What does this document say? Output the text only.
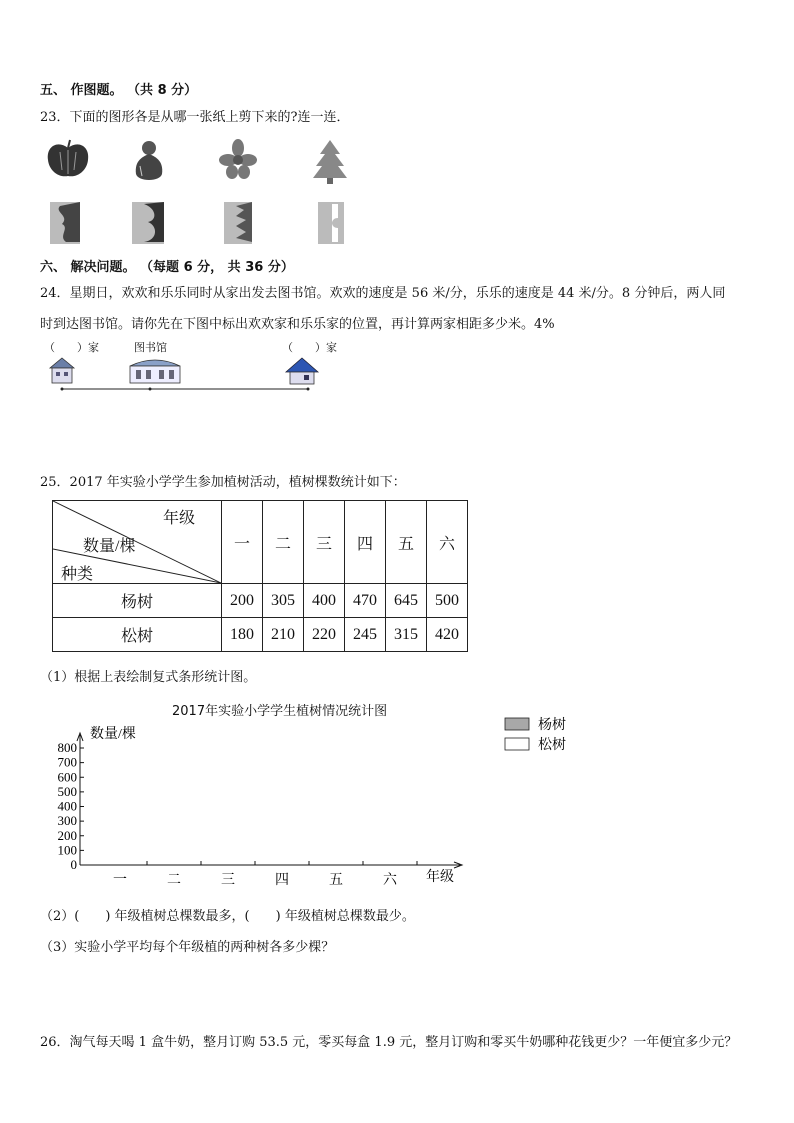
五、 作图题。 （共 8 分）
23．下面的图形各是从哪一张纸上剪下来的?连一连．
六、 解决问题。 （每题 6 分， 共 36 分）
24．星期日，欢欢和乐乐同时从家出发去图书馆。欢欢的速度是 56 米/分，乐乐的速度是 44 米/分。8 分钟后，两人同
时到达图书馆。请你先在下图中标出欢欢家和乐乐家的位置，再计算两家相距多少米。4%
（　　）家	图书馆	（　　）家
25．2017 年实验小学学生参加植树活动，植树棵数统计如下：
年级
数量/棵
种类	一	二	三	四	五	六
杨树	200	305	400	470	645	500
松树	180	210	220	245	315	420
（1）根据上表绘制复式条形统计图。
2017年实验小学学生植树情况统计图
数量/棵
0
100
200
300
400
500
600
700
800
一	二	三	四	五	六 年级
杨树
松树
（2）(　　) 年级植树总棵数最多，(　　) 年级植树总棵数最少。
（3）实验小学平均每个年级植的两种树各多少棵？
26．淘气每天喝 1 盒牛奶，整月订购 53.5 元，零买每盒 1.9 元，整月订购和零买牛奶哪种花钱更少？一年便宜多少元？
